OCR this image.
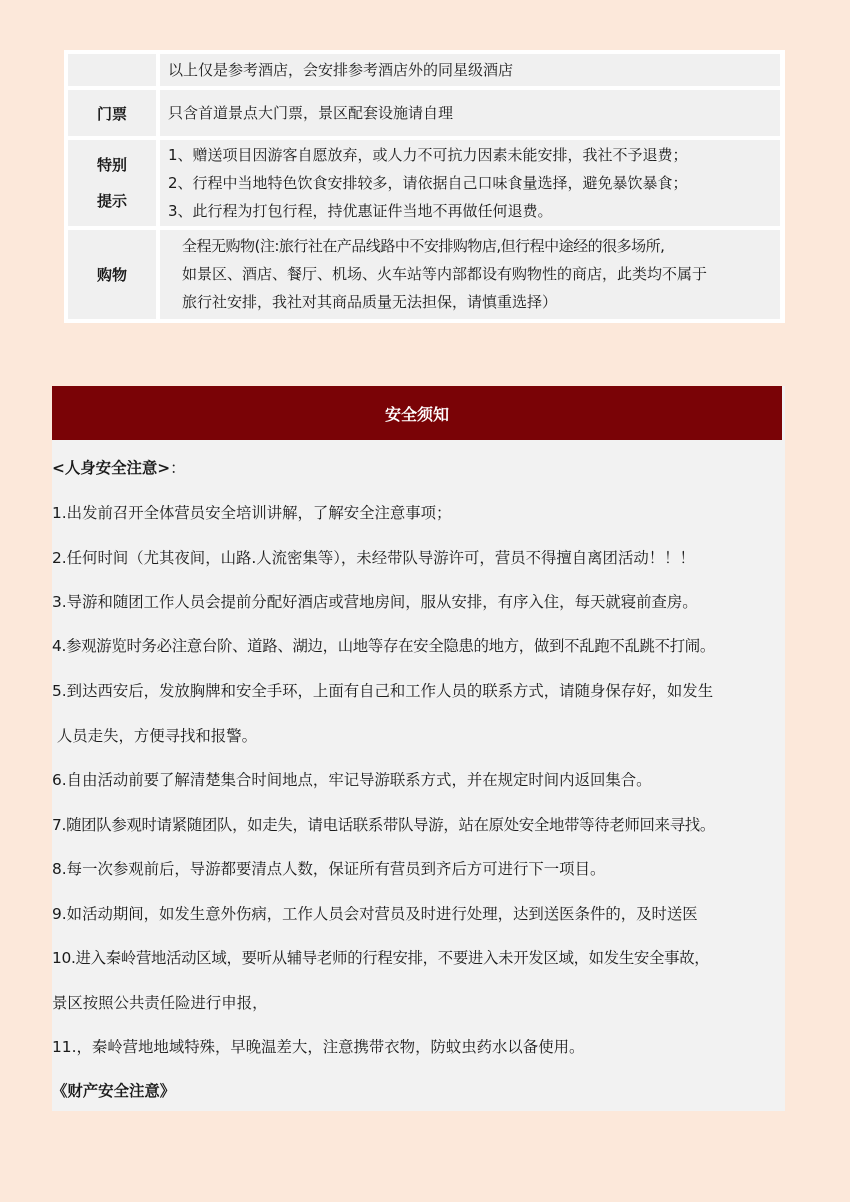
以上仅是参考酒店，会安排参考酒店外的同星级酒店
门票	只含首道景点大门票，景区配套设施请自理
特别
提示
1、赠送项目因游客自愿放弃，或人力不可抗力因素未能安排，我社不予退费；
2、行程中当地特色饮食安排较多，请依据自己口味食量选择，避免暴饮暴食；
3、此行程为打包行程，持优惠证件当地不再做任何退费。
购物
全程无购物(注:旅行社在产品线路中不安排购物店,但行程中途经的很多场所,
如景区、酒店、餐厅、机场、火车站等内部都设有购物性的商店，此类均不属于
旅行社安排，我社对其商品质量无法担保，请慎重选择）
安全须知
<人身安全注意>：
1.出发前召开全体营员安全培训讲解，了解安全注意事项；
2.任何时间（尤其夜间，山路.人流密集等），未经带队导游许可，营员不得擅自离团活动！！！
3.导游和随团工作人员会提前分配好酒店或营地房间，服从安排，有序入住，每天就寝前查房。
4.参观游览时务必注意台阶、道路、湖边，山地等存在安全隐患的地方，做到不乱跑不乱跳不打闹。
5.到达西安后，发放胸牌和安全手环，上面有自己和工作人员的联系方式，请随身保存好，如发生
人员走失，方便寻找和报警。
6.自由活动前要了解清楚集合时间地点，牢记导游联系方式，并在规定时间内返回集合。
7.随团队参观时请紧随团队，如走失，请电话联系带队导游，站在原处安全地带等待老师回来寻找。
8.每一次参观前后，导游都要清点人数，保证所有营员到齐后方可进行下一项目。
9.如活动期间，如发生意外伤病，工作人员会对营员及时进行处理，达到送医条件的，及时送医
10.进入秦岭营地活动区域，要听从辅导老师的行程安排，不要进入未开发区域，如发生安全事故，
景区按照公共责任险进行申报，
11.，秦岭营地地域特殊，早晚温差大，注意携带衣物，防蚊虫药水以备使用。
《财产安全注意》
